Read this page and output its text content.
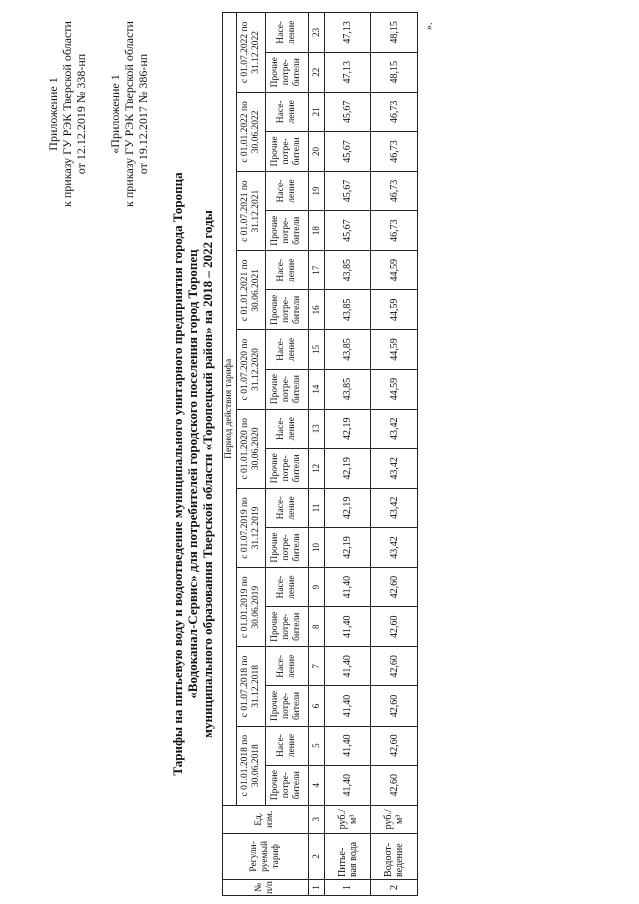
Приложение 1 к приказу ГУ РЭК Тверской области от 12.12.2019 № 338-нп «Приложение 1 к приказу ГУ РЭК Тверской области от 19.12.2017 № 386-нп
Тарифы на питьевую воду и водоотведение муниципального унитарного предприятия города Торопца «Водоканал-Сервис» для потребителей городского поселения город Торопец муниципального образования Тверской области «Торопецкий район» на 2018 – 2022 годы
№ п/п	Регули-руемый тариф	Ед. изм.	Период действия тарифа																			
			с 01.01.2018 по 30.06.2018		с 01.07.2018 по 31.12.2018		с 01.01.2019 по 30.06.2019		с 01.07.2019 по 31.12.2019		с 01.01.2020 по 30.06.2020		с 01.07.2020 по 31.12.2020		с 01.01.2021 по 30.06.2021		с 01.07.2021 по 31.12.2021		с 01.01.2022 по 30.06.2022		с 01.07.2022 по 31.12.2022	
			Прочие потре-бители	Насе-ление	Прочие потре-бители	Насе-ление	Прочие потре-бители	Насе-ление	Прочие потре-бители	Насе-ление	Прочие потре-бители	Насе-ление	Прочие потре-бители	Насе-ление	Прочие потре-бители	Насе-ление	Прочие потре-бители	Насе-ление	Прочие потре-бители	Насе-ление	Прочие потре-бители	Насе-ление
1	2	3	4	5	6	7	8	9	10	11	12	13	14	15	16	17	18	19	20	21	22	23
1	Питье-вая вода	руб./м³	41,40	41,40	41,40	41,40	41,40	41,40	42,19	42,19	42,19	42,19	43,85	43,85	43,85	43,85	45,67	45,67	45,67	45,67	47,13	47,13
2	Водоот-ведение	руб./м³	42,60	42,60	42,60	42,60	42,60	42,60	43,42	43,42	43,42	43,42	44,59	44,59	44,59	44,59	46,73	46,73	46,73	46,73	48,15	48,15 ».
